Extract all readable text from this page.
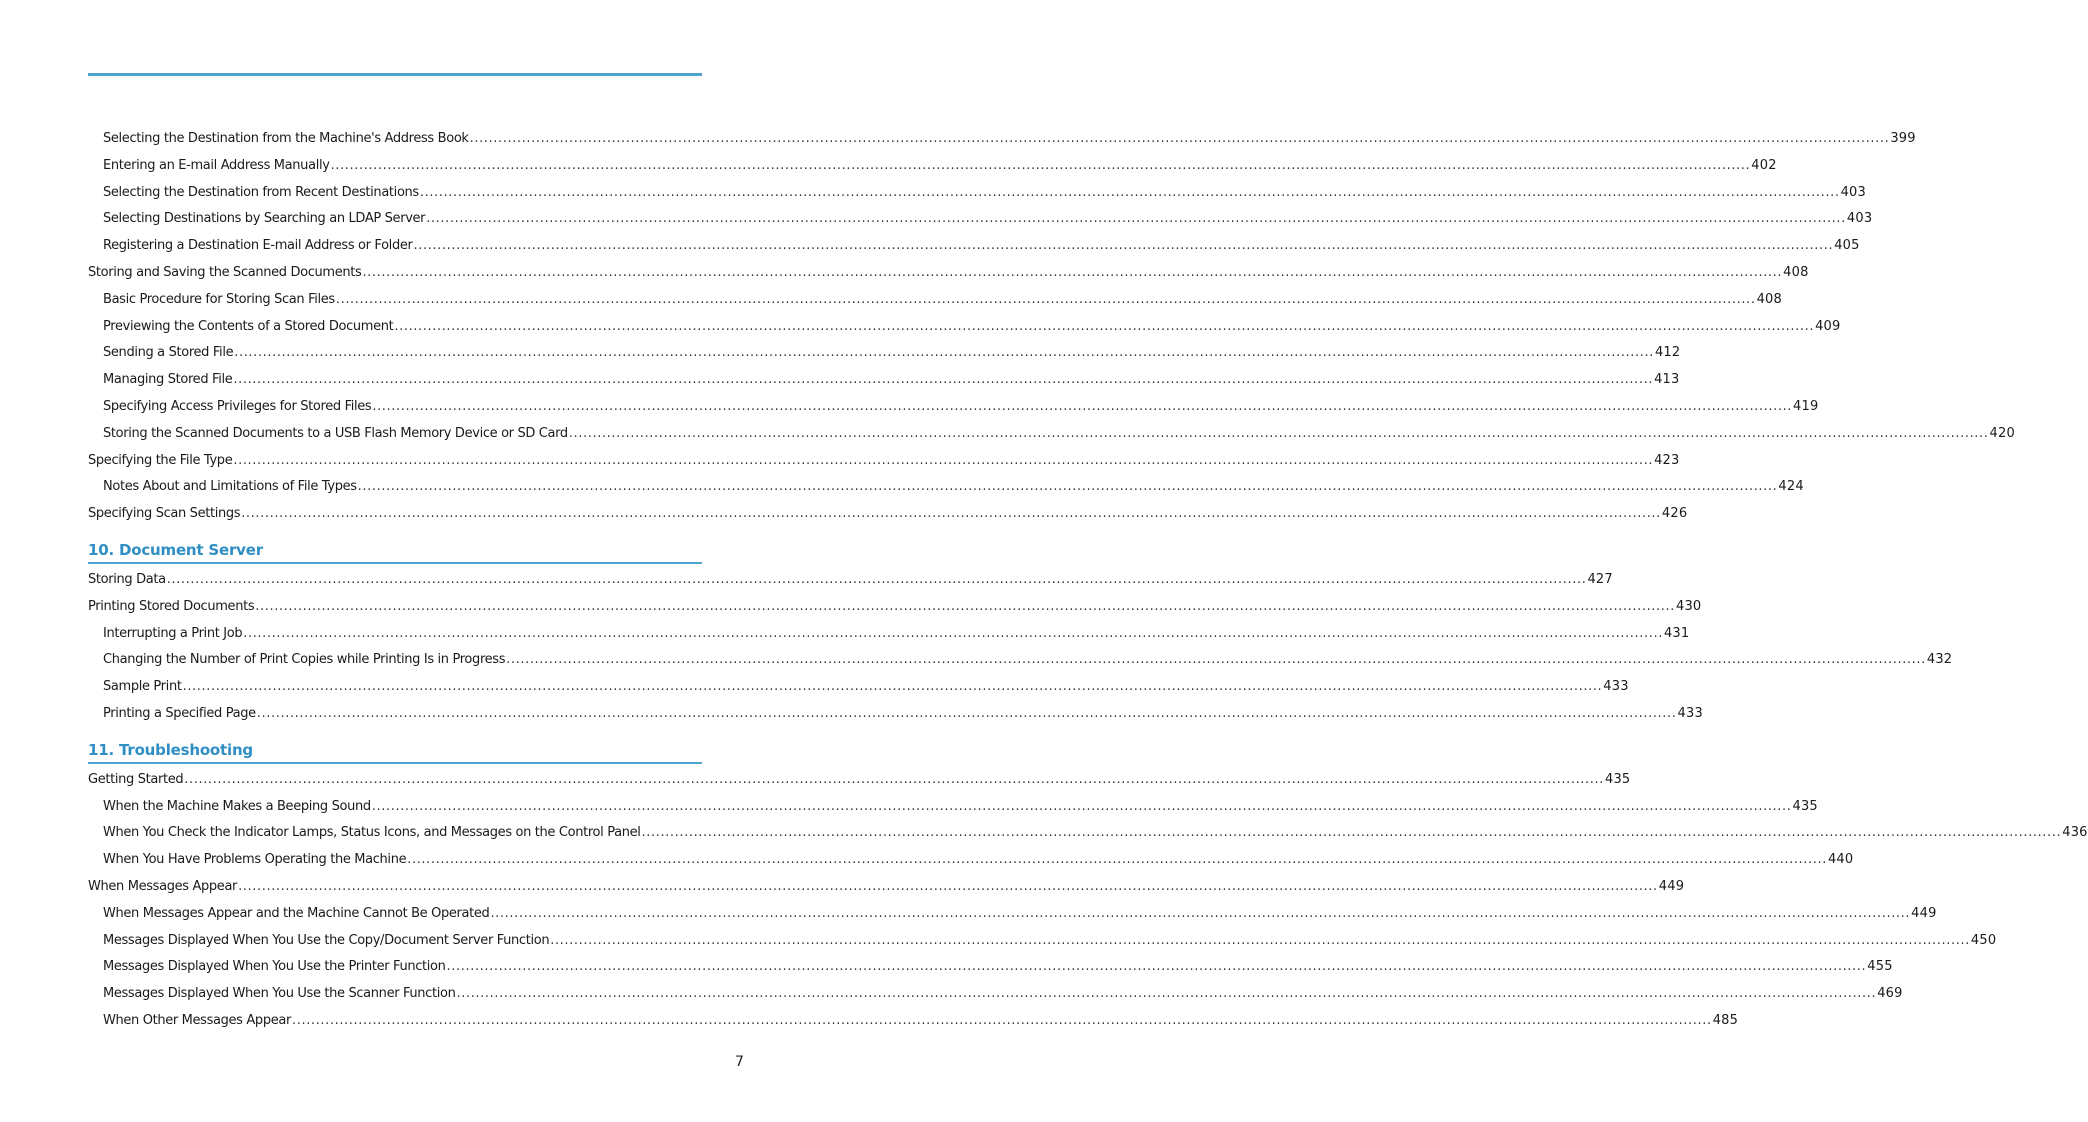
Selecting the Destination from the Machine's Address Book ............................................................................................................................................................................................................................................................................................................ 399
Entering an E-mail Address Manually ............................................................................................................................................................................................................................................................................................................ 402
Selecting the Destination from Recent Destinations ............................................................................................................................................................................................................................................................................................................ 403
Selecting Destinations by Searching an LDAP Server ............................................................................................................................................................................................................................................................................................................ 403
Registering a Destination E-mail Address or Folder ............................................................................................................................................................................................................................................................................................................ 405
Storing and Saving the Scanned Documents ............................................................................................................................................................................................................................................................................................................ 408
Basic Procedure for Storing Scan Files ............................................................................................................................................................................................................................................................................................................ 408
Previewing the Contents of a Stored Document ............................................................................................................................................................................................................................................................................................................ 409
Sending a Stored File ............................................................................................................................................................................................................................................................................................................ 412
Managing Stored File ............................................................................................................................................................................................................................................................................................................ 413
Specifying Access Privileges for Stored Files ............................................................................................................................................................................................................................................................................................................ 419
Storing the Scanned Documents to a USB Flash Memory Device or SD Card ............................................................................................................................................................................................................................................................................................................ 420
Specifying the File Type ............................................................................................................................................................................................................................................................................................................ 423
Notes About and Limitations of File Types ............................................................................................................................................................................................................................................................................................................ 424
Specifying Scan Settings ............................................................................................................................................................................................................................................................................................................ 426
10. Document Server
Storing Data ............................................................................................................................................................................................................................................................................................................ 427
Printing Stored Documents ............................................................................................................................................................................................................................................................................................................ 430
Interrupting a Print Job ............................................................................................................................................................................................................................................................................................................ 431
Changing the Number of Print Copies while Printing Is in Progress ............................................................................................................................................................................................................................................................................................................ 432
Sample Print ............................................................................................................................................................................................................................................................................................................ 433
Printing a Specified Page ............................................................................................................................................................................................................................................................................................................ 433
11. Troubleshooting
Getting Started ............................................................................................................................................................................................................................................................................................................ 435
When the Machine Makes a Beeping Sound ............................................................................................................................................................................................................................................................................................................ 435
When You Check the Indicator Lamps, Status Icons, and Messages on the Control Panel ............................................................................................................................................................................................................................................................................................................ 436
When You Have Problems Operating the Machine ............................................................................................................................................................................................................................................................................................................ 440
When Messages Appear ............................................................................................................................................................................................................................................................................................................ 449
When Messages Appear and the Machine Cannot Be Operated ............................................................................................................................................................................................................................................................................................................ 449
Messages Displayed When You Use the Copy/Document Server Function ............................................................................................................................................................................................................................................................................................................ 450
Messages Displayed When You Use the Printer Function ............................................................................................................................................................................................................................................................................................................ 455
Messages Displayed When You Use the Scanner Function ............................................................................................................................................................................................................................................................................................................ 469
When Other Messages Appear ............................................................................................................................................................................................................................................................................................................ 485
7
